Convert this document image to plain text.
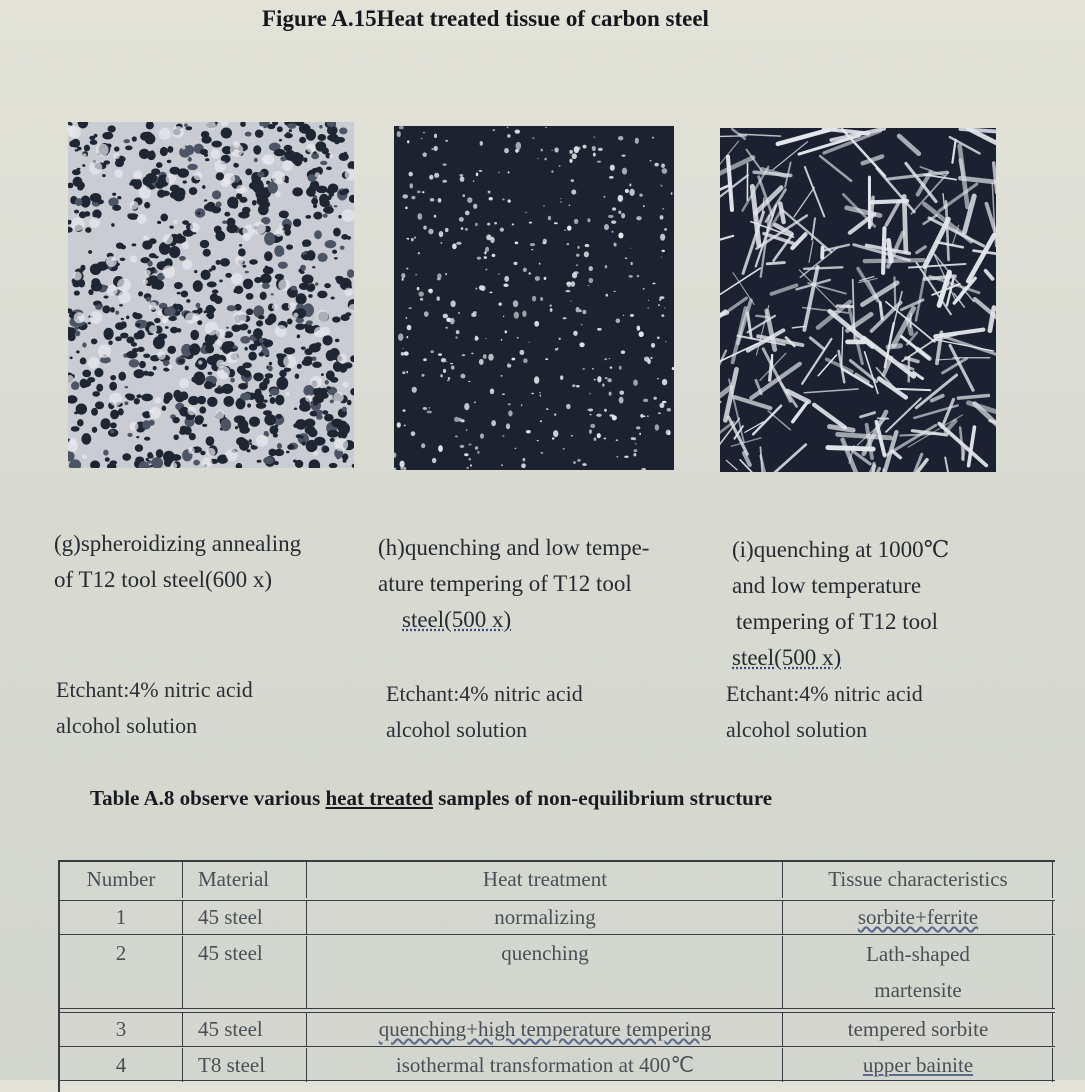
Figure A.15Heat treated tissue of carbon steel
(g)spheroidizing annealing
of T12 tool steel(600 x)
(h)quenching and low tempe-
ature tempering of T12 tool
steel(500 x)
(i)quenching at 1000℃
and low temperature
tempering of T12 tool
steel(500 x)
Etchant:4% nitric acid
alcohol solution
Etchant:4% nitric acid
alcohol solution
Etchant:4% nitric acid
alcohol solution
Table A.8 observe various heat treated samples of non-equilibrium structure
Number	Material	Heat treatment	Tissue characteristics
1	45 steel	normalizing	sorbite+ferrite
2	45 steel	quenching	Lath-shaped
martensite
3	45 steel	quenching+high temperature tempering	tempered sorbite
4	T8 steel	isothermal transformation at 400℃	upper bainite
